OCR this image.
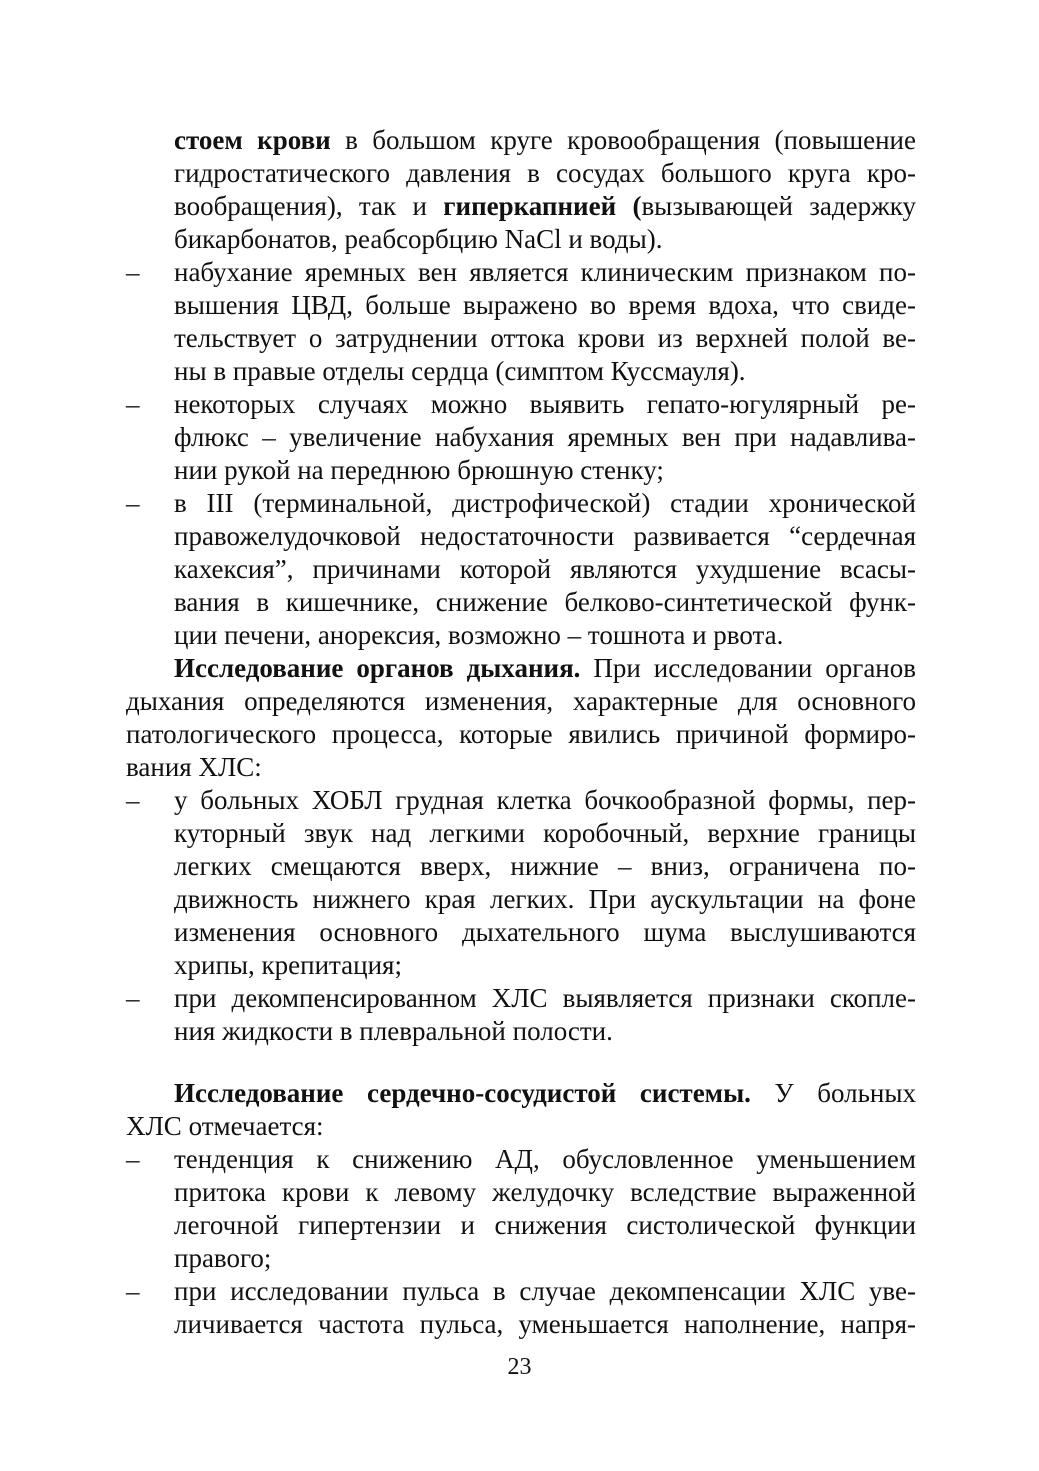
стоем крови в большом круге кровообращения (повышение
гидростатического давления в сосудах большого круга кро-
вообращения), так и гиперкапнией (вызывающей задержку
бикарбонатов, реабсорбцию NaCl и воды).
– набухание яремных вен является клиническим признаком по-
вышения ЦВД, больше выражено во время вдоха, что свиде-
тельствует о затруднении оттока крови из верхней полой ве-
ны в правые отделы сердца (симптом Куссмауля).
– некоторых случаях можно выявить гепато-югулярный ре-
флюкс – увеличение набухания яремных вен при надавлива-
нии рукой на переднюю брюшную стенку;
– в III (терминальной, дистрофической) стадии хронической
правожелудочковой недостаточности развивается “сердечная
кахексия”, причинами которой являются ухудшение всасы-
вания в кишечнике, снижение белково-синтетической функ-
ции печени, анорексия, возможно – тошнота и рвота.
Исследование органов дыхания. При исследовании органов
дыхания определяются изменения, характерные для основного
патологического процесса, которые явились причиной формиро-
вания ХЛС:
– у больных ХОБЛ грудная клетка бочкообразной формы, пер-
куторный звук над легкими коробочный, верхние границы
легких смещаются вверх, нижние – вниз, ограничена по-
движность нижнего края легких. При аускультации на фоне
изменения основного дыхательного шума выслушиваются
хрипы, крепитация;
– при декомпенсированном ХЛС выявляется признаки скопле-
ния жидкости в плевральной полости.
Исследование сердечно-сосудистой системы. У больных
ХЛС отмечается:
– тенденция к снижению АД, обусловленное уменьшением
притока крови к левому желудочку вследствие выраженной
легочной гипертензии и снижения систолической функции
правого;
– при исследовании пульса в случае декомпенсации ХЛС уве-
личивается частота пульса, уменьшается наполнение, напря-
23
